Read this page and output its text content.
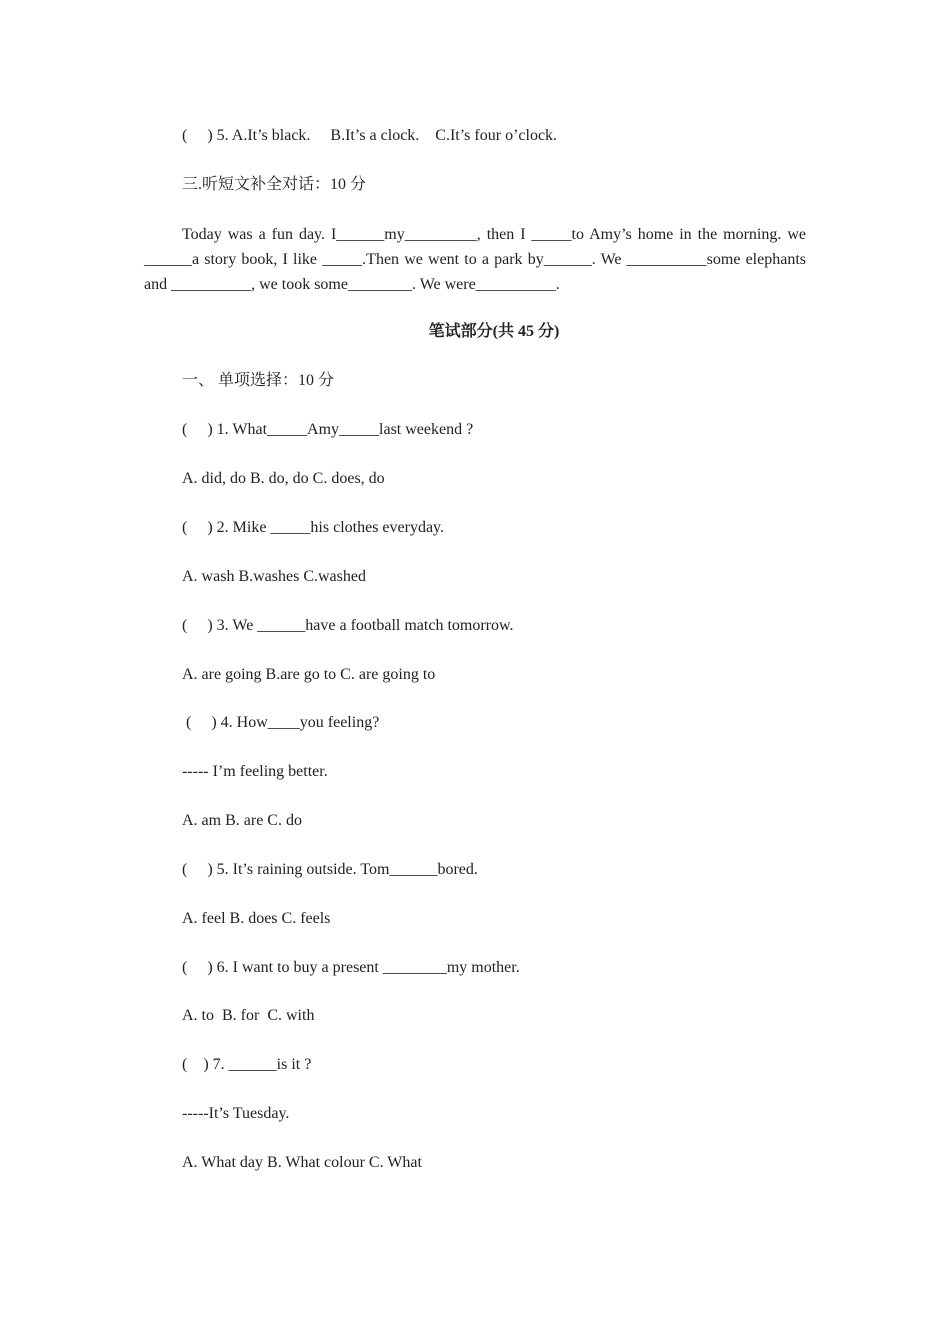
(     ) 5. A.It’s black.     B.It’s a clock.    C.It’s four o’clock.
三.听短文补全对话：10 分
Today was a fun day. I______my_________, then I _____to Amy’s home in the morning. we ______a story book, I like _____.Then we went to a park by______. We __________some elephants and __________, we took some________. We were__________.
笔试部分(共 45 分)
一、 单项选择：10 分
(     ) 1. What_____Amy_____last weekend ?
A. did, do B. do, do C. does, do
(     ) 2. Mike _____his clothes everyday.
A. wash B.washes C.washed
(     ) 3. We ______have a football match tomorrow.
A. are going B.are go to C. are going to
(     ) 4. How____you feeling?
----- I’m feeling better.
A. am B. are C. do
(     ) 5. It’s raining outside. Tom______bored.
A. feel B. does C. feels
(     ) 6. I want to buy a present ________my mother.
A. to  B. for  C. with
(    ) 7. ______is it ?
-----It’s Tuesday.
A. What day B. What colour C. What
